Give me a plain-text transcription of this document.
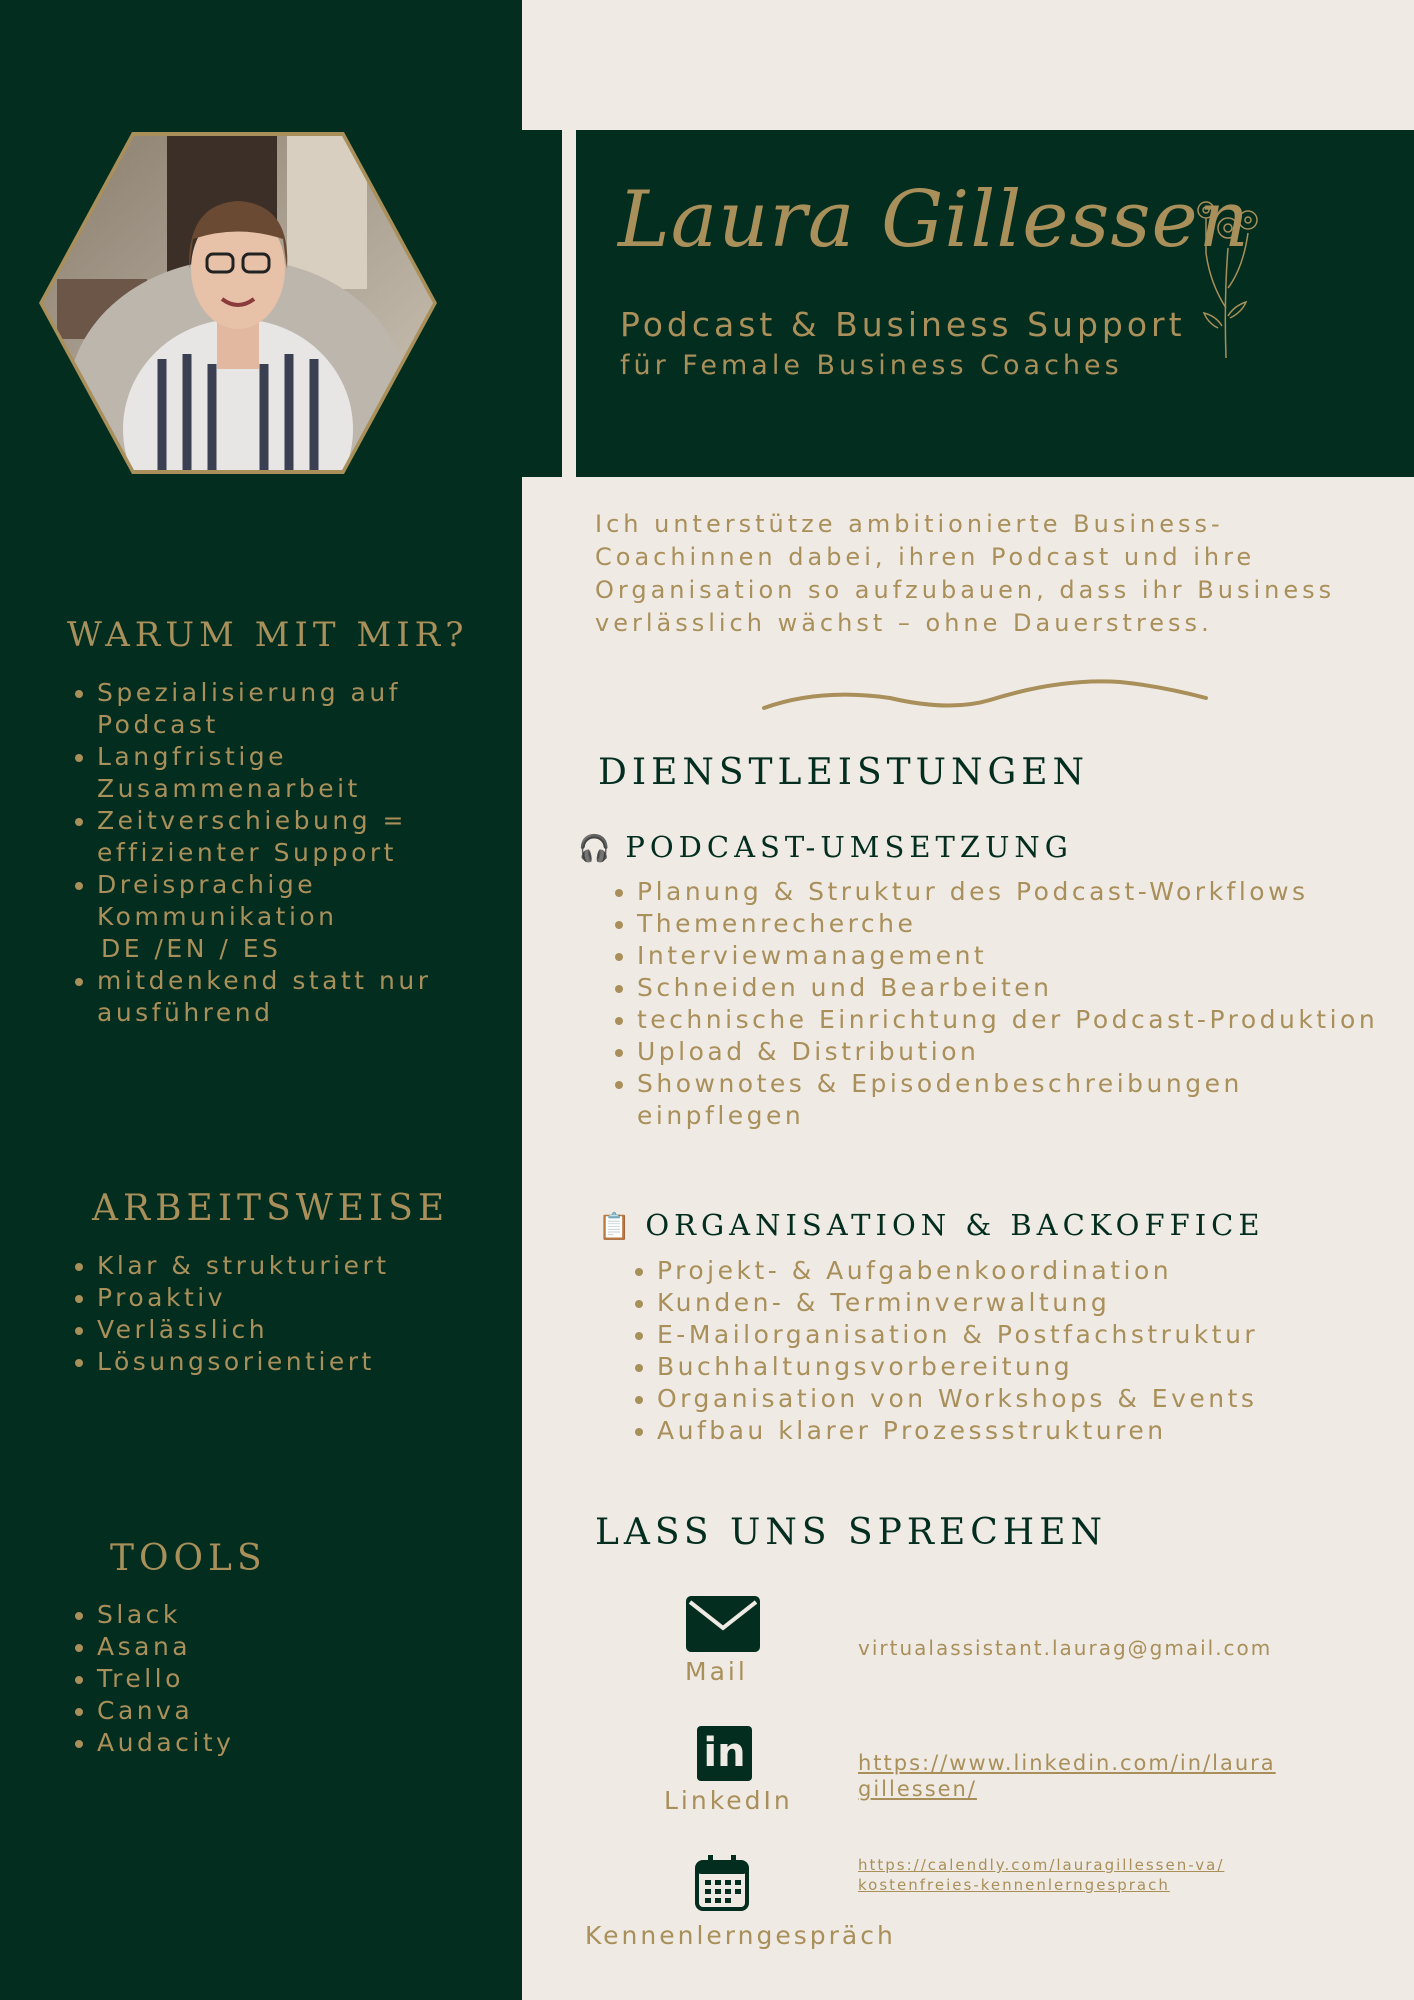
Laura Gillessen
Podcast & Business Support
für Female Business Coaches
WARUM MIT MIR?
• Spezialisierung auf Podcast
• Langfristige Zusammenarbeit
• Zeitverschiebung = effizienter Support
• Dreisprachige Kommunikation
DE /EN / ES
• mitdenkend statt nur ausführend
ARBEITSWEISE
• Klar & strukturiert
• Proaktiv
• Verlässlich
• Lösungsorientiert
TOOLS
• Slack
• Asana
• Trello
• Canva
• Audacity
Ich unterstütze ambitionierte Business-Coachinnen dabei, ihren Podcast und ihre Organisation so aufzubauen, dass ihr Business verlässlich wächst – ohne Dauerstress.
DIENSTLEISTUNGEN
🎧 PODCAST-UMSETZUNG
• Planung & Struktur des Podcast-Workflows
• Themenrecherche
• Interviewmanagement
• Schneiden und Bearbeiten
• technische Einrichtung der Podcast-Produktion
• Upload & Distribution
• Shownotes & Episodenbeschreibungen einpflegen
📋 ORGANISATION & BACKOFFICE
• Projekt- & Aufgabenkoordination
• Kunden- & Terminverwaltung
• E-Mailorganisation & Postfachstruktur
• Buchhaltungsvorbereitung
• Organisation von Workshops & Events
• Aufbau klarer Prozessstrukturen
LASS UNS SPRECHEN
Mail
virtualassistant.laurag@gmail.com
in
LinkedIn
https://www.linkedin.com/in/laura gillessen/
Kennenlerngespräch
https://calendly.com/lauragillessen-va/kostenfreies-kennenlerngesprach
